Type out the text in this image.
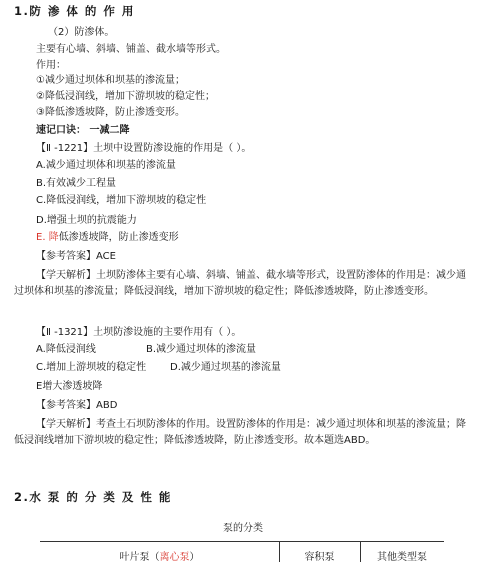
1.防 渗 体 的 作 用
（2）防渗体。
主要有心墙、斜墙、铺盖、截水墙等形式。
作用：
①减少通过坝体和坝基的渗流量；
②降低浸润线，增加下游坝坡的稳定性；
③降低渗透坡降，防止渗透变形。
速记口诀： 一减二降
【Ⅱ -1221】土坝中设置防渗设施的作用是（ ）。
A.减少通过坝体和坝基的渗流量
B.有效减少工程量
C.降低浸润线，增加下游坝坡的稳定性
D.增强土坝的抗震能力
E. 降低渗透坡降，防止渗透变形
【参考答案】ACE
【学天解析】土坝防渗体主要有心墙、斜墙、铺盖、截水墙等形式，设置防渗体的作用是：减少通过坝体和坝基的渗流量；降低浸润线，增加下游坝坡的稳定性；降低渗透坡降，防止渗透变形。
【Ⅱ -1321】土坝防渗设施的主要作用有（ ）。
A.降低浸润线	B.减少通过坝体的渗流量
C.增加上游坝坡的稳定性 D.减少通过坝基的渗流量
E增大渗透坡降
【参考答案】ABD
【学天解析】考查土石坝防渗体的作用。设置防渗体的作用是：减少通过坝体和坝基的渗流量；降低浸润线增加下游坝坡的稳定性；降低渗透坡降，防止渗透变形。故本题选ABD。
2.水 泵 的 分 类 及 性 能
泵的分类
叶片泵（离心泵）	容积泵	其他类型泵
